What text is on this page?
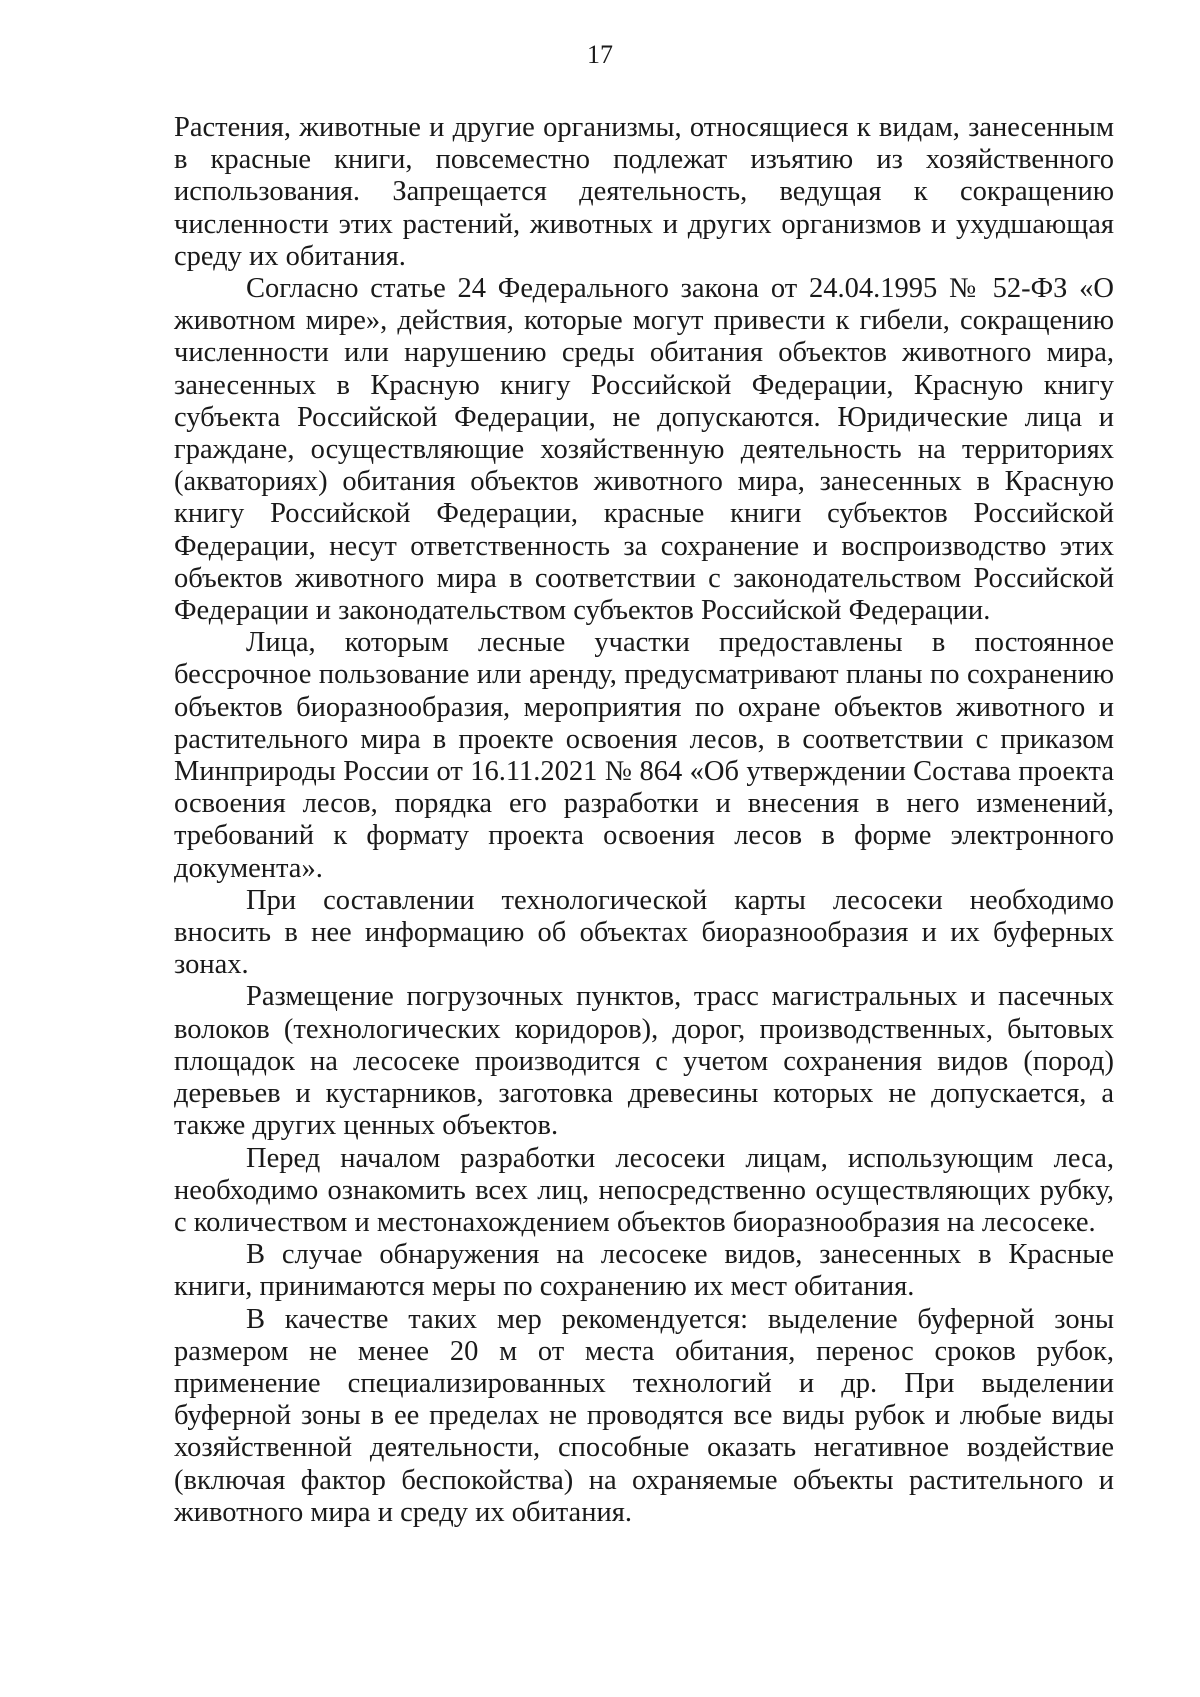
17

Растения, животные и другие организмы, относящиеся к видам, занесенным в красные книги, повсеместно подлежат изъятию из хозяйственного использования. Запрещается деятельность, ведущая к сокращению численности этих растений, животных и других организмов и ухудшающая среду их обитания.

Согласно статье 24 Федерального закона от 24.04.1995 № 52-ФЗ «О животном мире», действия, которые могут привести к гибели, сокращению численности или нарушению среды обитания объектов животного мира, занесенных в Красную книгу Российской Федерации, Красную книгу субъекта Российской Федерации, не допускаются. Юридические лица и граждане, осуществляющие хозяйственную деятельность на территориях (акваториях) обитания объектов животного мира, занесенных в Красную книгу Российской Федерации, красные книги субъектов Российской Федерации, несут ответственность за сохранение и воспроизводство этих объектов животного мира в соответствии с законодательством Российской Федерации и законодательством субъектов Российской Федерации.

Лица, которым лесные участки предоставлены в постоянное бессрочное пользование или аренду, предусматривают планы по сохранению объектов биоразнообразия, мероприятия по охране объектов животного и растительного мира в проекте освоения лесов, в соответствии с приказом Минприроды России от 16.11.2021 № 864 «Об утверждении Состава проекта освоения лесов, порядка его разработки и внесения в него изменений, требований к формату проекта освоения лесов в форме электронного документа».

При составлении технологической карты лесосеки необходимо вносить в нее информацию об объектах биоразнообразия и их буферных зонах.

Размещение погрузочных пунктов, трасс магистральных и пасечных волоков (технологических коридоров), дорог, производственных, бытовых площадок на лесосеке производится с учетом сохранения видов (пород) деревьев и кустарников, заготовка древесины которых не допускается, а также других ценных объектов.

Перед началом разработки лесосеки лицам, использующим леса, необходимо ознакомить всех лиц, непосредственно осуществляющих рубку, с количеством и местонахождением объектов биоразнообразия на лесосеке.

В случае обнаружения на лесосеке видов, занесенных в Красные книги, принимаются меры по сохранению их мест обитания.

В качестве таких мер рекомендуется: выделение буферной зоны размером не менее 20 м от места обитания, перенос сроков рубок, применение специализированных технологий и др. При выделении буферной зоны в ее пределах не проводятся все виды рубок и любые виды хозяйственной деятельности, способные оказать негативное воздействие (включая фактор беспокойства) на охраняемые объекты растительного и животного мира и среду их обитания.
